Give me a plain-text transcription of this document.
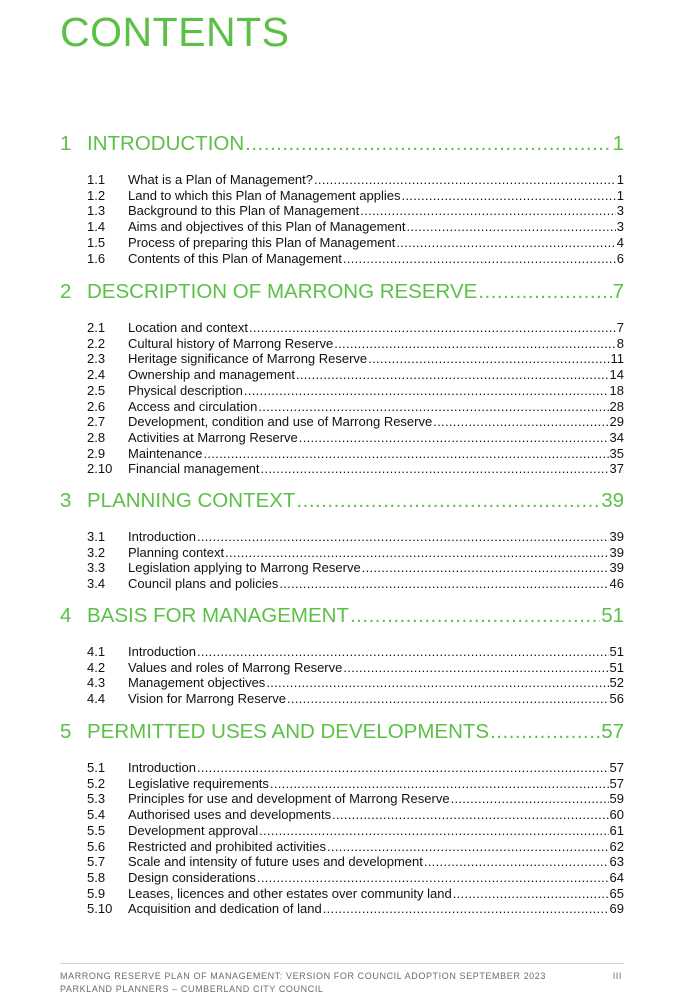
CONTENTS
1 INTRODUCTION .....	1
1.1	What is a Plan of Management? .....	1
1.2	Land to which this Plan of Management applies .....	1
1.3	Background to this Plan of Management .....	3
1.4	Aims and objectives of this Plan of Management .....	3
1.5	Process of preparing this Plan of Management .....	4
1.6	Contents of this Plan of Management .....	6
2 DESCRIPTION OF MARRONG RESERVE .....	7
2.1	Location and context .....	7
2.2	Cultural history of Marrong Reserve .....	8
2.3	Heritage significance of Marrong Reserve .....	11
2.4	Ownership and management .....	14
2.5	Physical description .....	18
2.6	Access and circulation .....	28
2.7	Development, condition and use of Marrong Reserve .....	29
2.8	Activities at Marrong Reserve .....	34
2.9	Maintenance .....	35
2.10	Financial management .....	37
3 PLANNING CONTEXT .....	39
3.1	Introduction .....	39
3.2	Planning context .....	39
3.3	Legislation applying to Marrong Reserve .....	39
3.4	Council plans and policies .....	46
4 BASIS FOR MANAGEMENT .....	51
4.1	Introduction .....	51
4.2	Values and roles of Marrong Reserve .....	51
4.3	Management objectives .....	52
4.4	Vision for Marrong Reserve .....	56
5 PERMITTED USES AND DEVELOPMENTS .....	57
5.1	Introduction .....	57
5.2	Legislative requirements .....	57
5.3	Principles for use and development of Marrong Reserve .....	59
5.4	Authorised uses and developments .....	60
5.5	Development approval .....	61
5.6	Restricted and prohibited activities .....	62
5.7	Scale and intensity of future uses and development .....	63
5.8	Design considerations .....	64
5.9	Leases, licences and other estates over community land .....	65
5.10	Acquisition and dedication of land .....	69
MARRONG RESERVE PLAN OF MANAGEMENT: VERSION FOR COUNCIL ADOPTION SEPTEMBER 2023	III
PARKLAND PLANNERS – CUMBERLAND CITY COUNCIL
